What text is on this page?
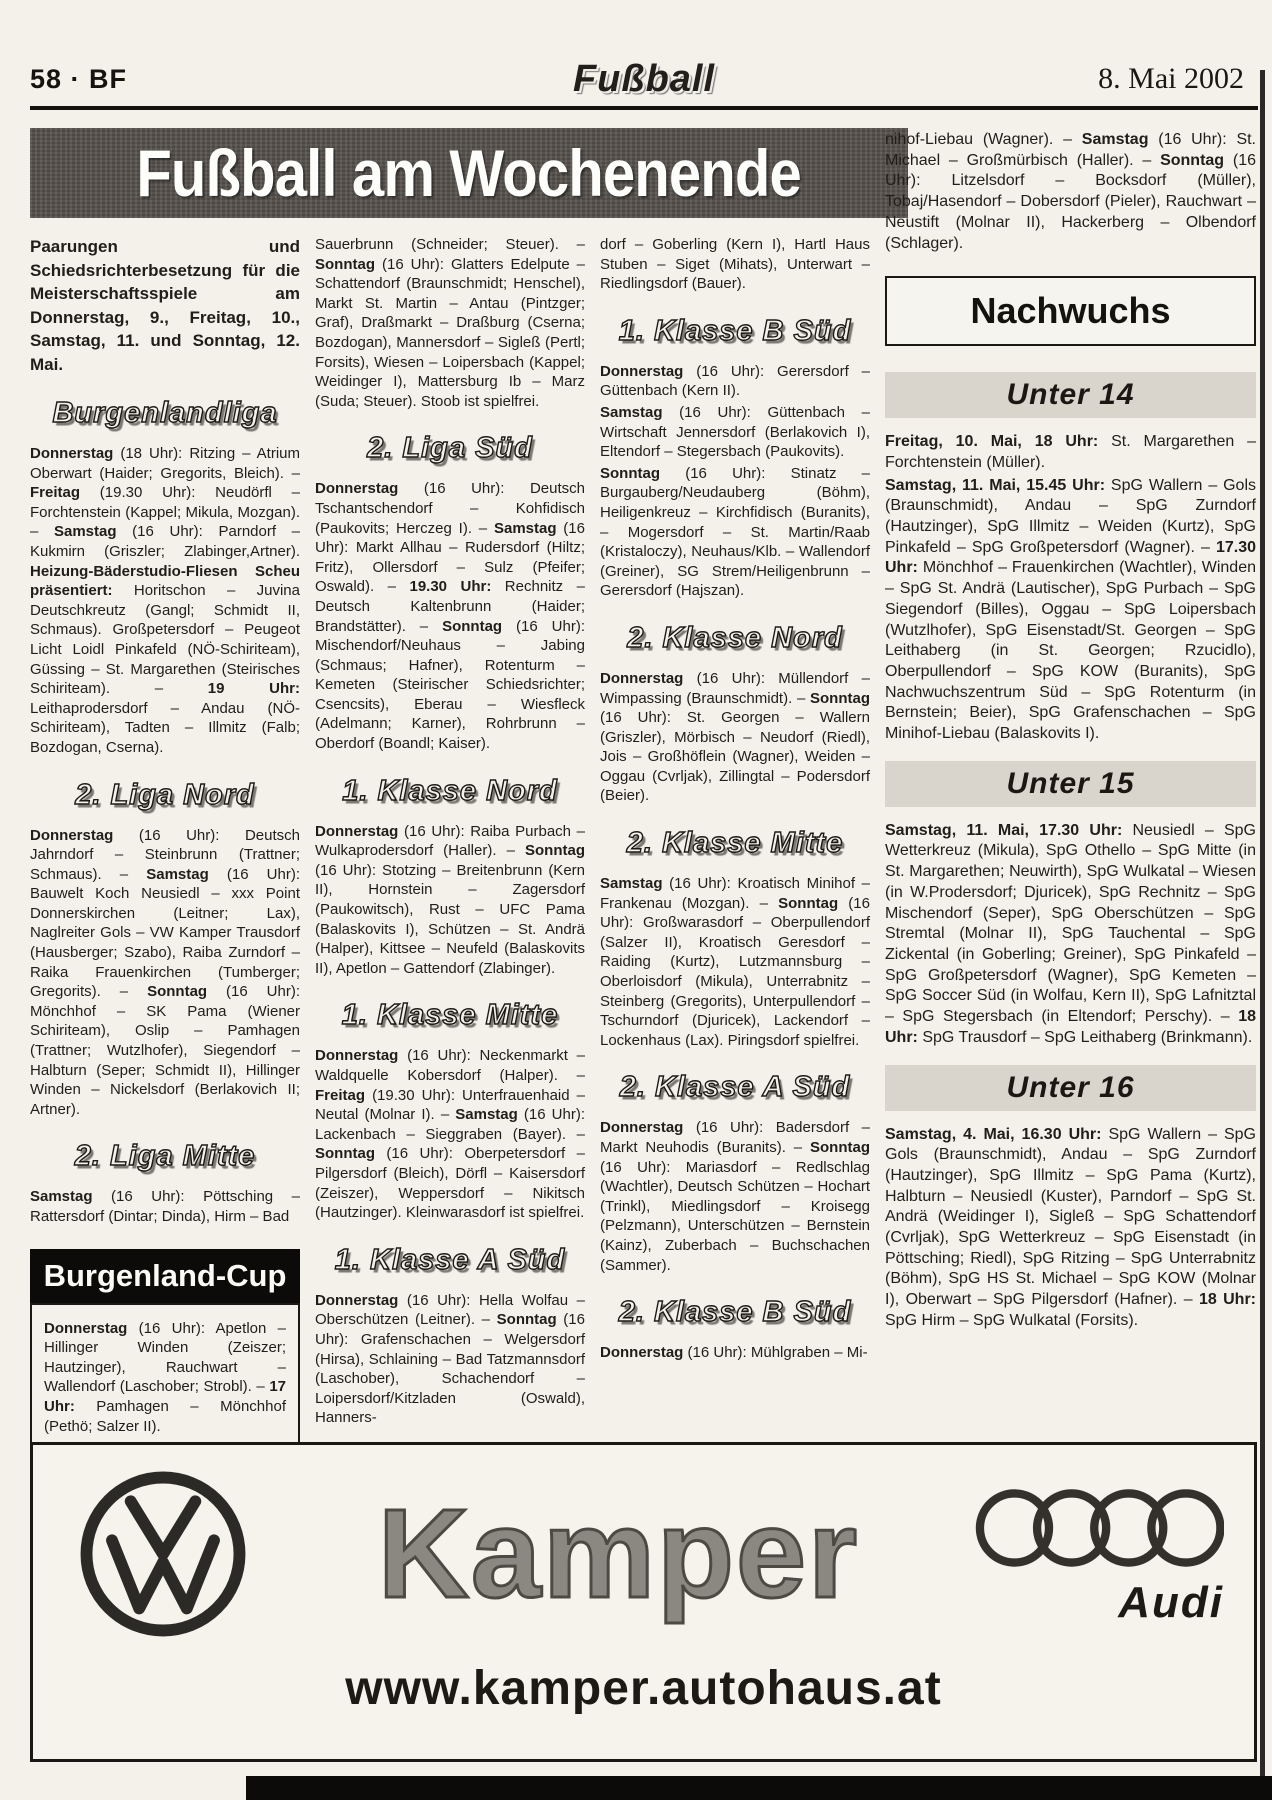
58 · BF	Fußball	8. Mai 2002
Fußball am Wochenende

Paarungen und Schiedsrichterbesetzung für die Meisterschaftsspiele am Donnerstag, 9., Freitag, 10., Samstag, 11. und Sonntag, 12. Mai.

Burgenlandliga

Donnerstag (18 Uhr): Ritzing – Atrium Oberwart (Haider; Gregorits, Bleich). – Freitag (19.30 Uhr): Neudörfl – Forchtenstein (Kappel; Mikula, Mozgan). – Samstag (16 Uhr): Parndorf – Kukmirn (Griszler; Zlabinger,Artner). Heizung-Bäderstudio-Fliesen Scheu präsentiert: Horitschon – Juvina Deutschkreutz (Gangl; Schmidt II, Schmaus). Großpetersdorf – Peugeot Licht Loidl Pinkafeld (NÖ-Schiriteam), Güssing – St. Margarethen (Steirisches Schiriteam). – 19 Uhr: Leithaprodersdorf – Andau (NÖ-Schiriteam), Tadten – Illmitz (Falb; Bozdogan, Cserna).

2. Liga Nord

Donnerstag (16 Uhr): Deutsch Jahrndorf – Steinbrunn (Trattner; Schmaus). – Samstag (16 Uhr): Bauwelt Koch Neusiedl – xxx Point Donnerskirchen (Leitner; Lax), Naglreiter Gols – VW Kamper Trausdorf (Hausberger; Szabo), Raiba Zurndorf – Raika Frauenkirchen (Tumberger; Gregorits). – Sonntag (16 Uhr): Mönchhof – SK Pama (Wiener Schiriteam), Oslip – Pamhagen (Trattner; Wutzlhofer), Siegendorf – Halbturn (Seper; Schmidt II), Hillinger Winden – Nickelsdorf (Berlakovich II; Artner).

2. Liga Mitte

Samstag (16 Uhr): Pöttsching – Rattersdorf (Dintar; Dinda), Hirm – Bad

Burgenland-Cup

Donnerstag (16 Uhr): Apetlon – Hillinger Winden (Zeiszer; Hautzinger), Rauchwart – Wallendorf (Laschober; Strobl). – 17 Uhr: Pamhagen – Mönchhof (Pethö; Salzer II).

Sauerbrunn (Schneider; Steuer). – Sonntag (16 Uhr): Glatters Edelpute – Schattendorf (Braunschmidt; Henschel), Markt St. Martin – Antau (Pintzger; Graf), Draßmarkt – Draßburg (Cserna; Bozdogan), Mannersdorf – Sigleß (Pertl; Forsits), Wiesen – Loipersbach (Kappel; Weidinger I), Mattersburg Ib – Marz (Suda; Steuer). Stoob ist spielfrei.

2. Liga Süd

Donnerstag (16 Uhr): Deutsch Tschantschendorf – Kohfidisch (Paukovits; Herczeg I). – Samstag (16 Uhr): Markt Allhau – Rudersdorf (Hiltz; Fritz), Ollersdorf – Sulz (Pfeifer; Oswald). – 19.30 Uhr: Rechnitz – Deutsch Kaltenbrunn (Haider; Brandstätter). – Sonntag (16 Uhr): Mischendorf/Neuhaus – Jabing (Schmaus; Hafner), Rotenturm – Kemeten (Steirischer Schiedsrichter; Csencsits), Eberau – Wiesfleck (Adelmann; Karner), Rohrbrunn – Oberdorf (Boandl; Kaiser).

1. Klasse Nord

Donnerstag (16 Uhr): Raiba Purbach – Wulkaprodersdorf (Haller). – Sonntag (16 Uhr): Stotzing – Breitenbrunn (Kern II), Hornstein – Zagersdorf (Paukowitsch), Rust – UFC Pama (Balaskovits I), Schützen – St. Andrä (Halper), Kittsee – Neufeld (Balaskovits II), Apetlon – Gattendorf (Zlabinger).

1. Klasse Mitte

Donnerstag (16 Uhr): Neckenmarkt – Waldquelle Kobersdorf (Halper). – Freitag (19.30 Uhr): Unterfrauenhaid – Neutal (Molnar I). – Samstag (16 Uhr): Lackenbach – Sieggraben (Bayer). – Sonntag (16 Uhr): Oberpetersdorf – Pilgersdorf (Bleich), Dörfl – Kaisersdorf (Zeiszer), Weppersdorf – Nikitsch (Hautzinger). Kleinwarasdorf ist spielfrei.

1. Klasse A Süd

Donnerstag (16 Uhr): Hella Wolfau – Oberschützen (Leitner). – Sonntag (16 Uhr): Grafenschachen – Welgersdorf (Hirsa), Schlaining – Bad Tatzmannsdorf (Laschober), Schachendorf – Loipersdorf/Kitzladen (Oswald), Hanners-

dorf – Goberling (Kern I), Hartl Haus Stuben – Siget (Mihats), Unterwart – Riedlingsdorf (Bauer).

1. Klasse B Süd

Donnerstag (16 Uhr): Gerersdorf – Güttenbach (Kern II).

Samstag (16 Uhr): Güttenbach – Wirtschaft Jennersdorf (Berlakovich I), Eltendorf – Stegersbach (Paukovits).

Sonntag (16 Uhr): Stinatz – Burgauberg/Neudauberg (Böhm), Heiligenkreuz – Kirchfidisch (Buranits), – Mogersdorf – St. Martin/Raab (Kristaloczy), Neuhaus/Klb. – Wallendorf (Greiner), SG Strem/Heiligenbrunn – Gerersdorf (Hajszan).

2. Klasse Nord

Donnerstag (16 Uhr): Müllendorf – Wimpassing (Braunschmidt). – Sonntag (16 Uhr): St. Georgen – Wallern (Griszler), Mörbisch – Neudorf (Riedl), Jois – Großhöflein (Wagner), Weiden – Oggau (Cvrljak), Zillingtal – Podersdorf (Beier).

2. Klasse Mitte

Samstag (16 Uhr): Kroatisch Minihof – Frankenau (Mozgan). – Sonntag (16 Uhr): Großwarasdorf – Oberpullendorf (Salzer II), Kroatisch Geresdorf – Raiding (Kurtz), Lutzmannsburg – Oberloisdorf (Mikula), Unterrabnitz – Steinberg (Gregorits), Unterpullendorf – Tschurndorf (Djuricek), Lackendorf – Lockenhaus (Lax). Piringsdorf spielfrei.

2. Klasse A Süd

Donnerstag (16 Uhr): Badersdorf – Markt Neuhodis (Buranits). – Sonntag (16 Uhr): Mariasdorf – Redlschlag (Wachtler), Deutsch Schützen – Hochart (Trinkl), Miedlingsdorf – Kroisegg (Pelzmann), Unterschützen – Bernstein (Kainz), Zuberbach – Buchschachen (Sammer).

2. Klasse B Süd

Donnerstag (16 Uhr): Mühlgraben – Mi-

nihof-Liebau (Wagner). – Samstag (16 Uhr): St. Michael – Großmürbisch (Haller). – Sonntag (16 Uhr): Litzelsdorf – Bocksdorf (Müller), Tobaj/Hasendorf – Dobersdorf (Pieler), Rauchwart – Neustift (Molnar II), Hackerberg – Olbendorf (Schlager).

Nachwuchs
Unter 14

Freitag, 10. Mai, 18 Uhr: St. Margarethen – Forchtenstein (Müller).

Samstag, 11. Mai, 15.45 Uhr: SpG Wallern – Gols (Braunschmidt), Andau – SpG Zurndorf (Hautzinger), SpG Illmitz – Weiden (Kurtz), SpG Pinkafeld – SpG Großpetersdorf (Wagner). – 17.30 Uhr: Mönchhof – Frauenkirchen (Wachtler), Winden – SpG St. Andrä (Lautischer), SpG Purbach – SpG Siegendorf (Billes), Oggau – SpG Loipersbach (Wutzlhofer), SpG Eisenstadt/St. Georgen – SpG Leithaberg (in St. Georgen; Rzucidlo), Oberpullendorf – SpG KOW (Buranits), SpG Nachwuchszentrum Süd – SpG Rotenturm (in Bernstein; Beier), SpG Grafenschachen – SpG Minihof-Liebau (Balaskovits I).

Unter 15

Samstag, 11. Mai, 17.30 Uhr: Neusiedl – SpG Wetterkreuz (Mikula), SpG Othello – SpG Mitte (in St. Margarethen; Neuwirth), SpG Wulkatal – Wiesen (in W.Prodersdorf; Djuricek), SpG Rechnitz – SpG Mischendorf (Seper), SpG Oberschützen – SpG Stremtal (Molnar II), SpG Tauchental – SpG Zickental (in Goberling; Greiner), SpG Pinkafeld – SpG Großpetersdorf (Wagner), SpG Kemeten – SpG Soccer Süd (in Wolfau, Kern II), SpG Lafnitztal – SpG Stegersbach (in Eltendorf; Perschy). – 18 Uhr: SpG Trausdorf – SpG Leithaberg (Brinkmann).

Unter 16

Samstag, 4. Mai, 16.30 Uhr: SpG Wallern – SpG Gols (Braunschmidt), Andau – SpG Zurndorf (Hautzinger), SpG Illmitz – SpG Pama (Kurtz), Halbturn – Neusiedl (Kuster), Parndorf – SpG St. Andrä (Weidinger I), Sigleß – SpG Schattendorf (Cvrljak), SpG Wetterkreuz – SpG Eisenstadt (in Pöttsching; Riedl), SpG Ritzing – SpG Unterrabnitz (Böhm), SpG HS St. Michael – SpG KOW (Molnar I), Oberwart – SpG Pilgersdorf (Hafner). – 18 Uhr: SpG Hirm – SpG Wulkatal (Forsits).

Kamper	Audi
www.kamper.autohaus.at
